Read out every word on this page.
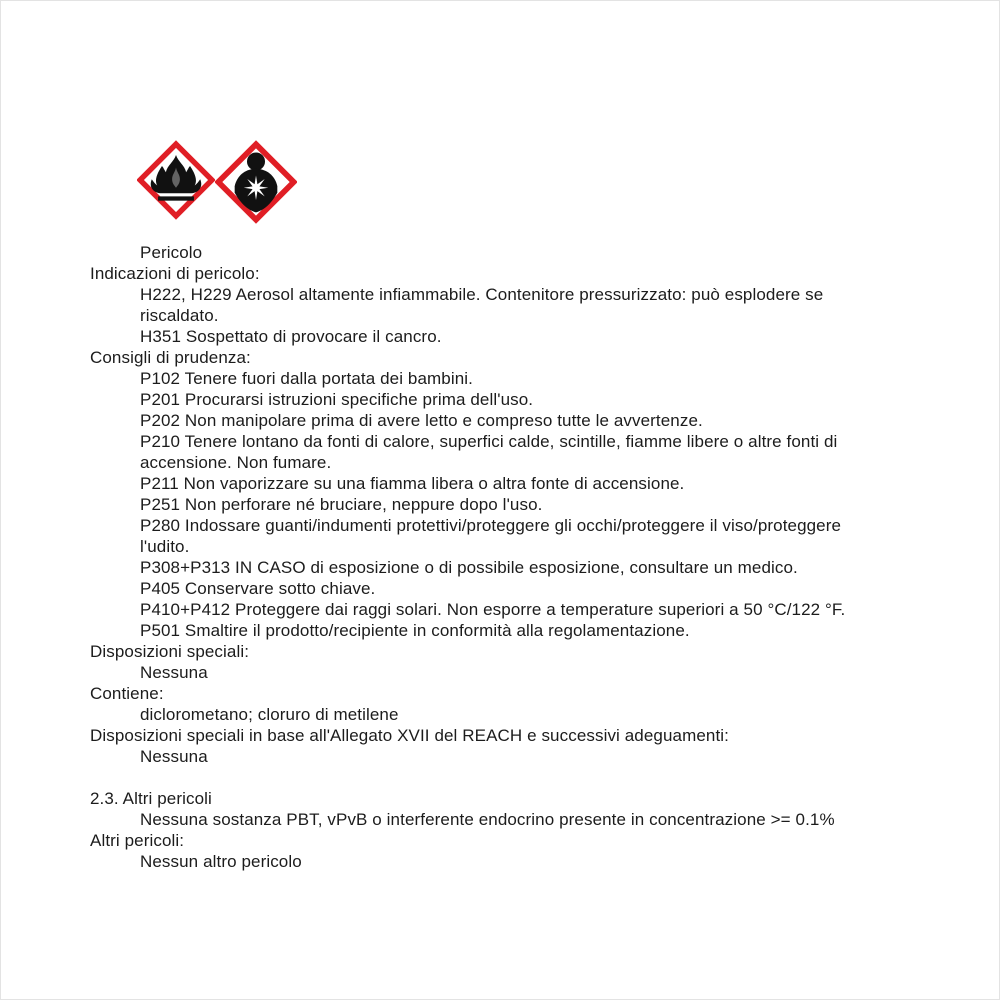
Pericolo
Indicazioni di pericolo:
H222, H229 Aerosol altamente infiammabile. Contenitore pressurizzato: può esplodere se
riscaldato.
H351 Sospettato di provocare il cancro.
Consigli di prudenza:
P102 Tenere fuori dalla portata dei bambini.
P201 Procurarsi istruzioni specifiche prima dell'uso.
P202 Non manipolare prima di avere letto e compreso tutte le avvertenze.
P210 Tenere lontano da fonti di calore, superfici calde, scintille, fiamme libere o altre fonti di
accensione. Non fumare.
P211 Non vaporizzare su una fiamma libera o altra fonte di accensione.
P251 Non perforare né bruciare, neppure dopo l'uso.
P280 Indossare guanti/indumenti protettivi/proteggere gli occhi/proteggere il viso/proteggere
l'udito.
P308+P313 IN CASO di esposizione o di possibile esposizione, consultare un medico.
P405 Conservare sotto chiave.
P410+P412 Proteggere dai raggi solari. Non esporre a temperature superiori a 50 °C/122 °F.
P501 Smaltire il prodotto/recipiente in conformità alla regolamentazione.
Disposizioni speciali:
Nessuna
Contiene:
diclorometano; cloruro di metilene
Disposizioni speciali in base all'Allegato XVII del REACH e successivi adeguamenti:
Nessuna
2.3. Altri pericoli
Nessuna sostanza PBT, vPvB o interferente endocrino presente in concentrazione >= 0.1%
Altri pericoli:
Nessun altro pericolo
